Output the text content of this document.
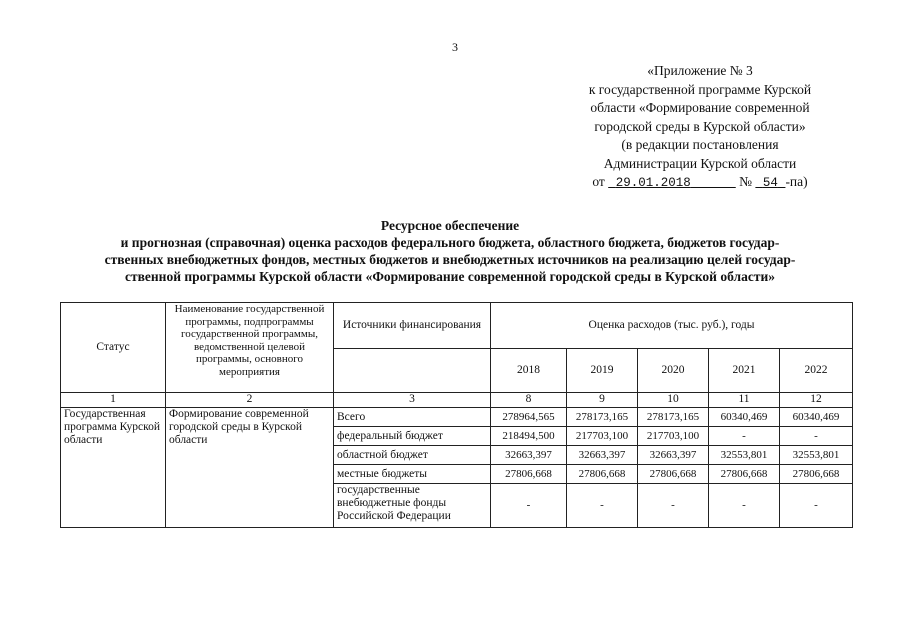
3
«Приложение № 3
к государственной программе Курской
области «Формирование современной
городской среды в Курской области»
(в редакции постановления
Администрации Курской области
от 29.01.2018	№ 54 -па)
Ресурсное обеспечение
и прогнозная (справочная) оценка расходов федерального бюджета, областного бюджета, бюджетов государ-
ственных внебюджетных фондов, местных бюджетов и внебюджетных источников на реализацию целей государ-
ственной программы Курской области «Формирование современной городской среды в Курской области»
Статус	Наименование государственной программы, подпрограммы государственной программы, ведомственной целевой программы, основного мероприятия	Источники финансирования	Оценка расходов (тыс. руб.), годы				
			2018	2019	2020	2021	2022
1	2	3	8	9	10	11	12
Государственная программа Курской области	Формирование современной городской среды в Курской области	Всего	278964,565	278173,165	278173,165	60340,469	60340,469
		федеральный бюджет	218494,500	217703,100	217703,100	-	-
		областной бюджет	32663,397	32663,397	32663,397	32553,801	32553,801
		местные бюджеты	27806,668	27806,668	27806,668	27806,668	27806,668
		государственные внебюджетные фонды Российской Федерации	-	-	-	-	-
